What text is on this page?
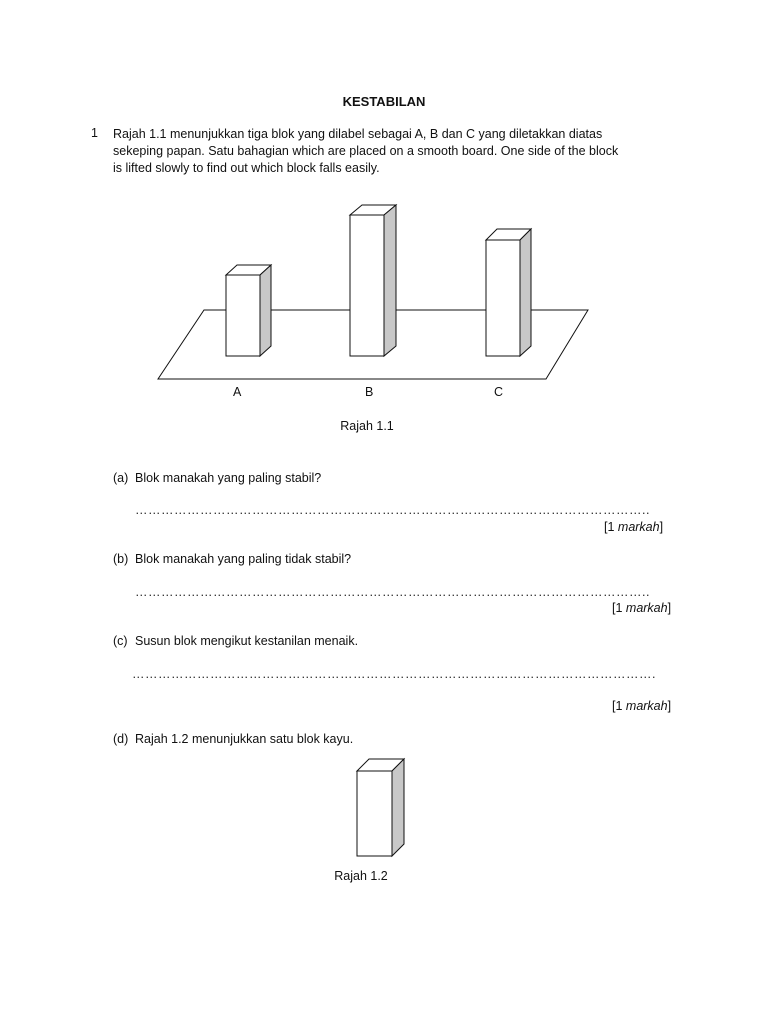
KESTABILAN
1 Rajah 1.1 menunjukkan tiga blok yang dilabel sebagai A, B dan C yang diletakkan diatas
sekeping papan. Satu bahagian which are placed on a smooth board. One side of the block
is lifted slowly to find out which block falls easily.
A	B	C
Rajah 1.1
(a) Blok manakah yang paling stabil?
………………………………………………………………………………………………………..
[1 markah]
(b) Blok manakah yang paling tidak stabil?
………………………………………………………………………………………………………..
[1 markah]
(c) Susun blok mengikut kestanilan menaik.
………………………………………………………………………………………………………….
[1 markah]
(d) Rajah 1.2 menunjukkan satu blok kayu.
Rajah 1.2
